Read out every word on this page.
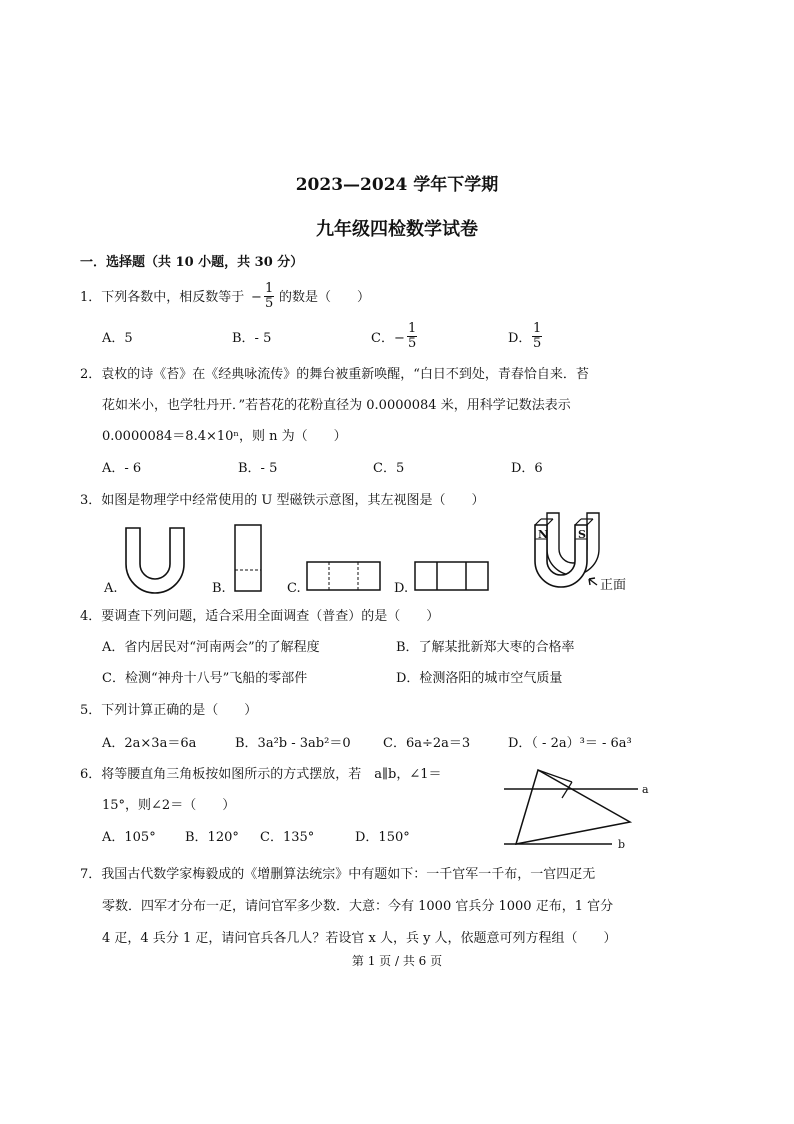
2023—2024 学年下学期
九年级四检数学试卷
一．选择题（共 10 小题，共 30 分）
1．下列各数中，相反数等于 − $\frac{1}{5}$ 的数是（　　）
A．5	B．- 5	C． − $\frac{1}{5}$	D． $\frac{1}{5}$
2．袁枚的诗《苔》在《经典咏流传》的舞台被重新唤醒，“白日不到处，青春恰自来．苔
花如米小，也学牡丹开．”若苔花的花粉直径为 0.0000084 米，用科学记数法表示
0.0000084＝8.4×10ⁿ，则 n 为（　　）
A．- 6	B．- 5	C．5	D．6
3．如图是物理学中经常使用的 U 型磁铁示意图，其左视图是（　　）
A.	B.	C.	D.
N	S
正面
4．要调查下列问题，适合采用全面调查（普查）的是（　　）
A．省内居民对“河南两会”的了解程度	B．了解某批新郑大枣的合格率
C．检测“神舟十八号”飞船的零部件	D．检测洛阳的城市空气质量
5．下列计算正确的是（　　）
A．2a×3a＝6a	B．3a²b - 3ab²＝0 C．6a÷2a＝3	D．（ - 2a）³＝ - 6a³
6．将等腰直角三角板按如图所示的方式摆放，若　a∥b，∠1＝
15°，则∠2＝（　　）
A．105° B．120° C．135°	D．150°
a
b
7．我国古代数学家梅毅成的《增删算法统宗》中有题如下：一千官军一千布，一官四疋无
零数．四军才分布一疋，请问官军多少数．大意：今有 1000 官兵分 1000 疋布，1 官分
4 疋，4 兵分 1 疋，请问官兵各几人？若设官 x 人，兵 y 人，依题意可列方程组（　　）
第 1 页 / 共 6 页
